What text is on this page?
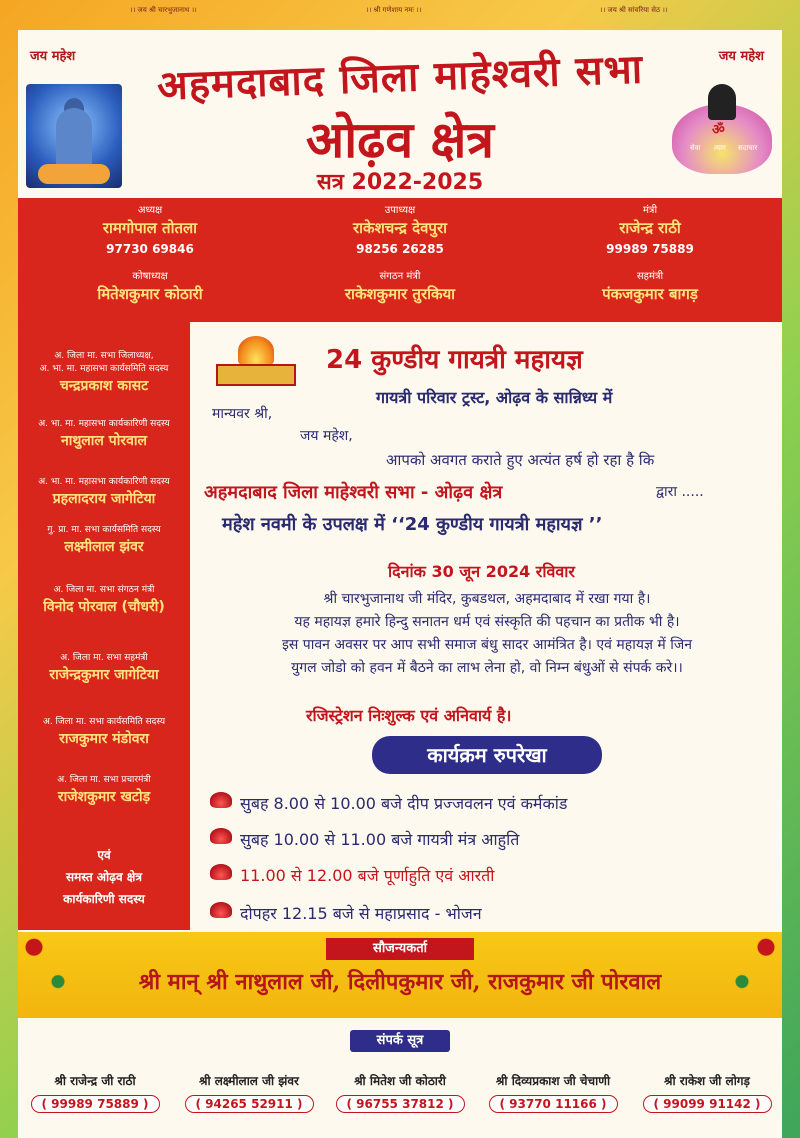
।। जय श्री चारभुजानाथ ।।	।। श्री गणेशाय नमः ।।	।। जय श्री सांवरिया सेठ ।।
जय महेश	जय महेश
अहमदाबाद जिला माहेश्वरी सभा
ओढ़व क्षेत्र
सत्र 2022-2025
ॐ
सेवा त्याग सदाचार
अध्यक्ष
रामगोपाल तोतला
97730 69846
उपाध्यक्ष
राकेशचन्द्र देवपुरा
98256 26285
मंत्री
राजेन्द्र राठी
99989 75889
कोषाध्यक्ष
मितेशकुमार कोठारी
संगठन मंत्री
राकेशकुमार तुरकिया
सहमंत्री
पंकजकुमार बागड़
अ. जिला मा. सभा जिलाध्यक्ष,
अ. भा. मा. महासभा कार्यसमिति सदस्य
चन्द्रप्रकाश कासट
अ. भा. मा. महासभा कार्यकारिणी सदस्य
नाथुलाल पोरवाल
अ. भा. मा. महासभा कार्यकारिणी सदस्य
प्रहलादराय जागेटिया
गु. प्रा. मा. सभा कार्यसमिति सदस्य
लक्ष्मीलाल झंवर
अ. जिला मा. सभा संगठन मंत्री
विनोद पोरवाल (चौधरी)
अ. जिला मा. सभा सहमंत्री
राजेन्द्रकुमार जागेटिया
अ. जिला मा. सभा कार्यसमिति सदस्य
राजकुमार मंडोवरा
अ. जिला मा. सभा प्रचारमंत्री
राजेशकुमार खटोड़
एवं
समस्त ओढ़व क्षेत्र
कार्यकारिणी सदस्य
24 कुण्डीय गायत्री महायज्ञ
गायत्री परिवार ट्रस्ट, ओढ़व के सान्निध्य में
मान्यवर श्री,
जय महेश,
आपको अवगत कराते हुए अत्यंत हर्ष हो रहा है कि
अहमदाबाद जिला माहेश्वरी सभा - ओढ़व क्षेत्र	द्वारा .....
महेश नवमी के उपलक्ष में ‘‘24 कुण्डीय गायत्री महायज्ञ ’’
दिनांक 30 जून 2024 रविवार
श्री चारभुजानाथ जी मंदिर, कुबडथल, अहमदाबाद में रखा गया है।
यह महायज्ञ हमारे हिन्दु सनातन धर्म एवं संस्कृति की पहचान का प्रतीक भी है।
इस पावन अवसर पर आप सभी समाज बंधु सादर आमंत्रित है। एवं महायज्ञ में जिन
युगल जोडो को हवन में बैठने का लाभ लेना हो, वो निम्न बंधुओं से संपर्क करे।।
रजिस्ट्रेशन निःशुल्क एवं अनिवार्य है।
कार्यक्रम रुपरेखा
सुबह 8.00 से 10.00 बजे दीप प्रज्जवलन एवं कर्मकांड
सुबह 10.00 से 11.00 बजे गायत्री मंत्र आहुति
11.00 से 12.00 बजे पूर्णाहुति एवं आरती
दोपहर 12.15 बजे से महाप्रसाद - भोजन
सौजन्यकर्ता
श्री मान् श्री नाथुलाल जी, दिलीपकुमार जी, राजकुमार जी पोरवाल
संपर्क सूत्र
श्री राजेन्द्र जी राठी
( 99989 75889 )
श्री लक्ष्मीलाल जी झंवर
( 94265 52911 )
श्री मितेश जी कोठारी
( 96755 37812 )
श्री दिव्यप्रकाश जी चेचाणी
( 93770 11166 )
श्री राकेश जी लोगड़
( 99099 91142 )
